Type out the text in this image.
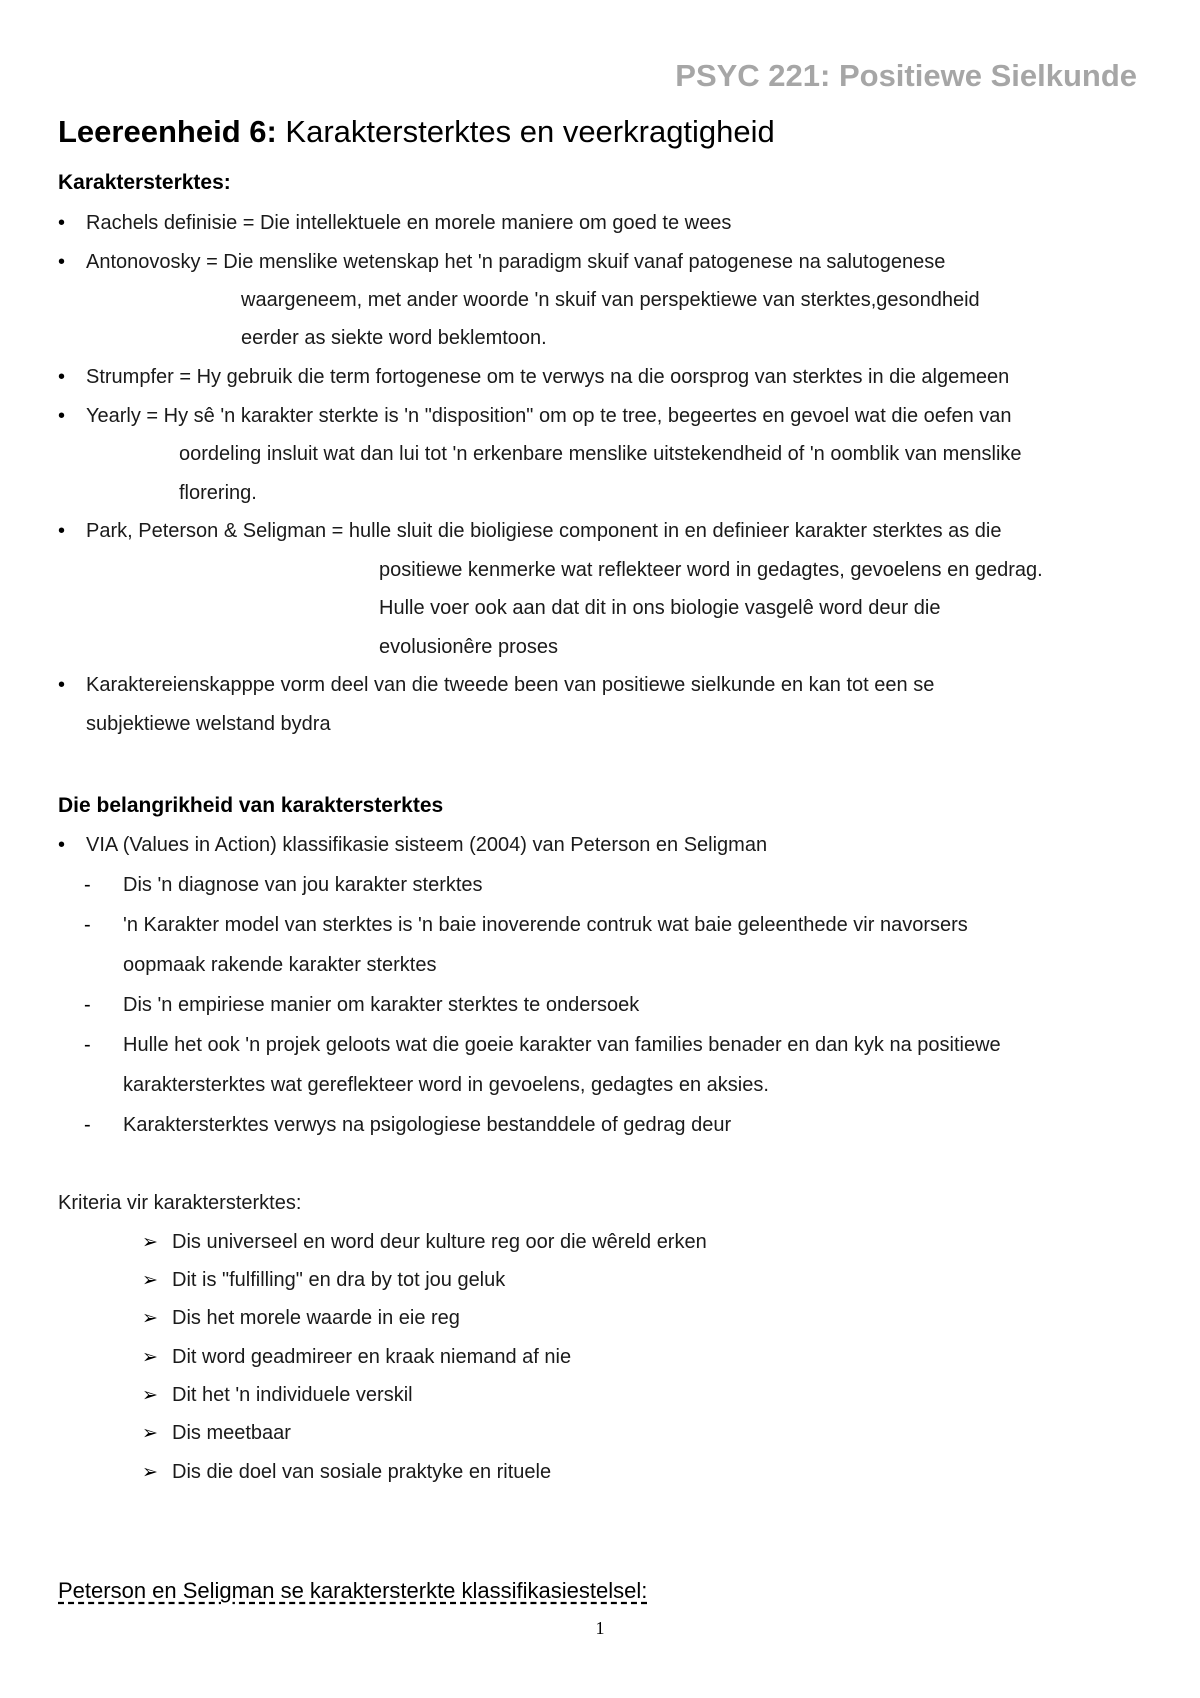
PSYC 221: Positiewe Sielkunde
Leereenheid 6: Karaktersterktes en veerkragtigheid
Karaktersterktes:
• Rachels definisie = Die intellektuele en morele maniere om goed te wees
• Antonovosky = Die menslike wetenskap het 'n paradigm skuif vanaf patogenese na salutogenese
waargeneem, met ander woorde 'n skuif van perspektiewe van sterktes,gesondheid
eerder as siekte word beklemtoon.
• Strumpfer = Hy gebruik die term fortogenese om te verwys na die oorsprog van sterktes in die algemeen
• Yearly = Hy sê 'n karakter sterkte is 'n "disposition" om op te tree, begeertes en gevoel wat die oefen van
oordeling insluit wat dan lui tot 'n erkenbare menslike uitstekendheid of 'n oomblik van menslike
florering.
• Park, Peterson & Seligman = hulle sluit die bioligiese component in en definieer karakter sterktes as die
positiewe kenmerke wat reflekteer word in gedagtes, gevoelens en gedrag.
Hulle voer ook aan dat dit in ons biologie vasgelê word deur die
evolusionêre proses
• Karaktereienskapppe vorm deel van die tweede been van positiewe sielkunde en kan tot een se
subjektiewe welstand bydra
Die belangrikheid van karaktersterktes
• VIA (Values in Action) klassifikasie sisteem (2004) van Peterson en Seligman
- Dis 'n diagnose van jou karakter sterktes
- 'n Karakter model van sterktes is 'n baie inoverende contruk wat baie geleenthede vir navorsers
oopmaak rakende karakter sterktes
- Dis 'n empiriese manier om karakter sterktes te ondersoek
- Hulle het ook 'n projek geloots wat die goeie karakter van families benader en dan kyk na positiewe
karaktersterktes wat gereflekteer word in gevoelens, gedagtes en aksies.
- Karaktersterktes verwys na psigologiese bestanddele of gedrag deur
Kriteria vir karaktersterktes:
➢ Dis universeel en word deur kulture reg oor die wêreld erken
➢ Dit is "fulfilling" en dra by tot jou geluk
➢ Dis het morele waarde in eie reg
➢ Dit word geadmireer en kraak niemand af nie
➢ Dit het 'n individuele verskil
➢ Dis meetbaar
➢ Dis die doel van sosiale praktyke en rituele
Peterson en Seligman se karaktersterkte klassifikasiestelsel:
1
